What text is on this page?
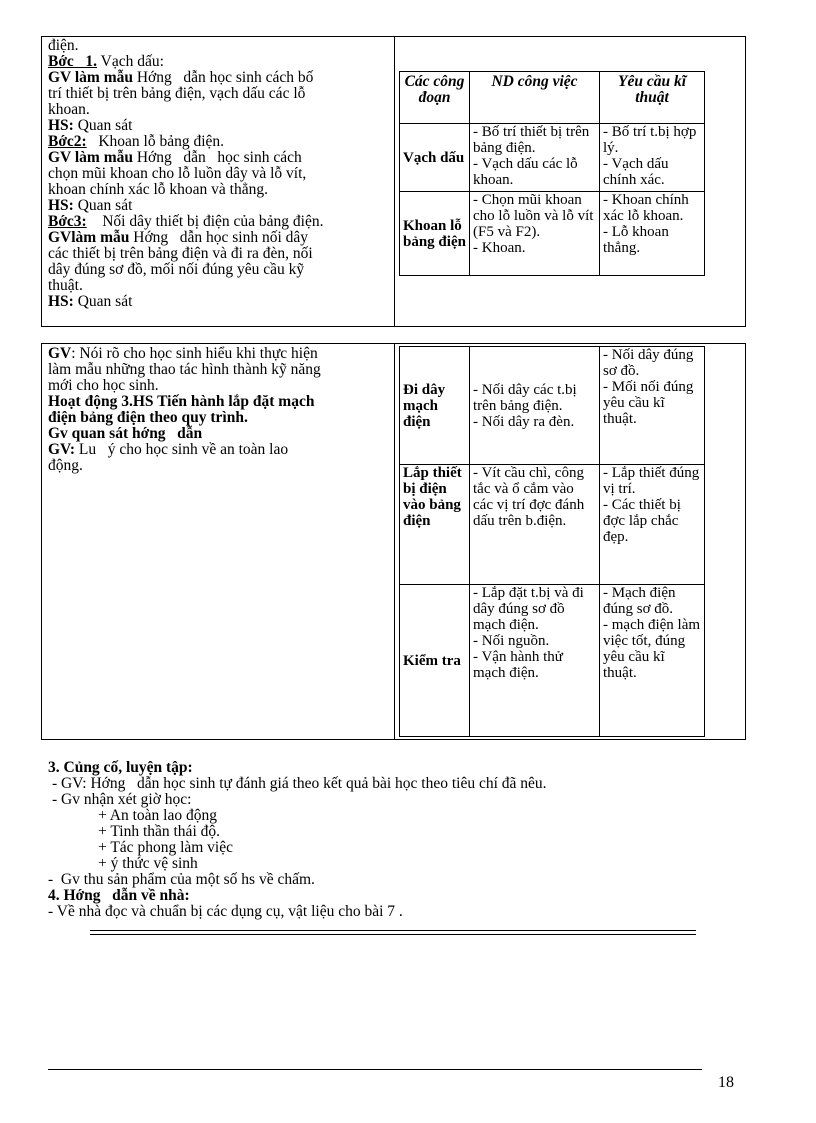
điện.
Bớc   1. Vạch dấu:
GV làm mẫu Hớng   dẫn học sinh cách bố
trí thiết bị trên bảng điện, vạch dấu các lỗ
khoan.
HS: Quan sát
Bớc2:   Khoan lỗ bảng điện.
GV làm mẫu Hớng   dẫn   học sinh cách
chọn mũi khoan cho lỗ luồn dây và lỗ vít,
khoan chính xác lỗ khoan và thẳng.
HS: Quan sát
Bớc3:    Nối dây thiết bị điện của bảng điện.
GVlàm mẫu Hớng   dẫn học sinh nối dây
các thiết bị trên bảng điện và đi ra đèn, nối
dây đúng sơ đồ, mối nối đúng yêu cầu kỹ
thuật.
HS: Quan sát
Các công đoạn	ND công việc	Yêu cầu kĩ thuật
Vạch dấu	- Bố trí thiết bị trên bảng điện.
- Vạch dấu các lỗ khoan.	- Bố trí t.bị hợp lý.
- Vạch dấu chính xác.
Khoan lỗ bảng điện	- Chọn mũi khoan cho lỗ luồn và lỗ vít (F5 và F2).
- Khoan.	- Khoan chính xác lỗ khoan.
- Lỗ khoan thẳng.
GV: Nói rõ cho học sinh hiểu khi thực hiện
làm mẫu những thao tác hình thành kỹ năng
mới cho học sinh.
Hoạt động 3.HS Tiến hành lắp đặt mạch
điện bảng điện theo quy trình.
Gv quan sát hớng   dẫn
GV: Lu   ý cho học sinh về an toàn lao
động.
Đi dây mạch điện	- Nối dây các t.bị trên bảng điện.
- Nối dây ra đèn.	- Nối dây đúng sơ đồ.
- Mối nối đúng yêu cầu kĩ thuật.
Lắp thiết bị điện vào bảng điện	- Vít cầu chì, công tắc và ổ cắm vào các vị trí đợc đánh dấu trên b.điện.	- Lắp thiết đúng vị trí.
- Các thiết bị đợc lắp chắc đẹp.
Kiểm tra	- Lắp đặt t.bị và đi dây đúng sơ đồ mạch điện.
- Nối nguồn.
- Vận hành thử mạch điện.	- Mạch điện đúng sơ đồ.
- mạch điện làm việc tốt, đúng yêu cầu kĩ thuật.
3. Củng cố, luyện tập:
- GV: Hớng   dẫn học sinh tự đánh giá theo kết quả bài học theo tiêu chí đã nêu.
- Gv nhận xét giờ học:
+ An toàn lao động
+ Tinh thần thái độ.
+ Tác phong làm việc
+ ý thức vệ sinh
-  Gv thu sản phẩm của một số hs về chấm.
4. Hớng   dẫn về nhà:
- Về nhà đọc và chuẩn bị các dụng cụ, vật liệu cho bài 7 .
18
